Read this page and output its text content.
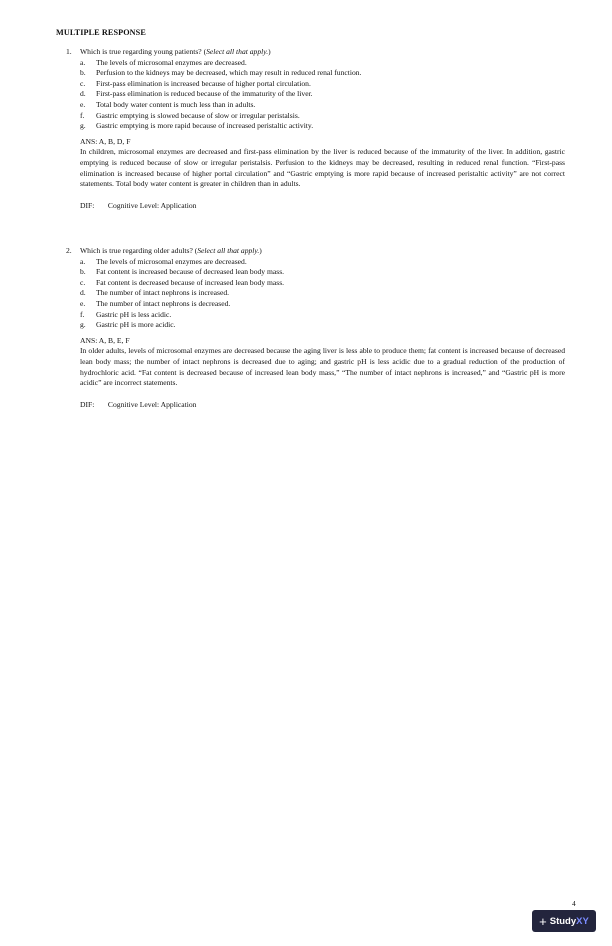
MULTIPLE RESPONSE
1. Which is true regarding young patients? (Select all that apply.)
a. The levels of microsomal enzymes are decreased.
b. Perfusion to the kidneys may be decreased, which may result in reduced renal function.
c. First-pass elimination is increased because of higher portal circulation.
d. First-pass elimination is reduced because of the immaturity of the liver.
e. Total body water content is much less than in adults.
f. Gastric emptying is slowed because of slow or irregular peristalsis.
g. Gastric emptying is more rapid because of increased peristaltic activity.
ANS: A, B, D, F
In children, microsomal enzymes are decreased and first-pass elimination by the liver is reduced because of the immaturity of the liver. In addition, gastric emptying is reduced because of slow or irregular peristalsis. Perfusion to the kidneys may be decreased, resulting in reduced renal function. “First-pass elimination is increased because of higher portal circulation” and “Gastric emptying is more rapid because of increased peristaltic activity” are not correct statements. Total body water content is greater in children than in adults.
DIF: Cognitive Level: Application
2. Which is true regarding older adults? (Select all that apply.)
a. The levels of microsomal enzymes are decreased.
b. Fat content is increased because of decreased lean body mass.
c. Fat content is decreased because of increased lean body mass.
d. The number of intact nephrons is increased.
e. The number of intact nephrons is decreased.
f. Gastric pH is less acidic.
g. Gastric pH is more acidic.
ANS: A, B, E, F
In older adults, levels of microsomal enzymes are decreased because the aging liver is less able to produce them; fat content is increased because of decreased lean body mass; the number of intact nephrons is decreased due to aging; and gastric pH is less acidic due to a gradual reduction of the production of hydrochloric acid. “Fat content is decreased because of increased lean body mass,” “The number of intact nephrons is increased,” and “Gastric pH is more acidic” are incorrect statements.
DIF: Cognitive Level: Application
4
+ StudyXY
